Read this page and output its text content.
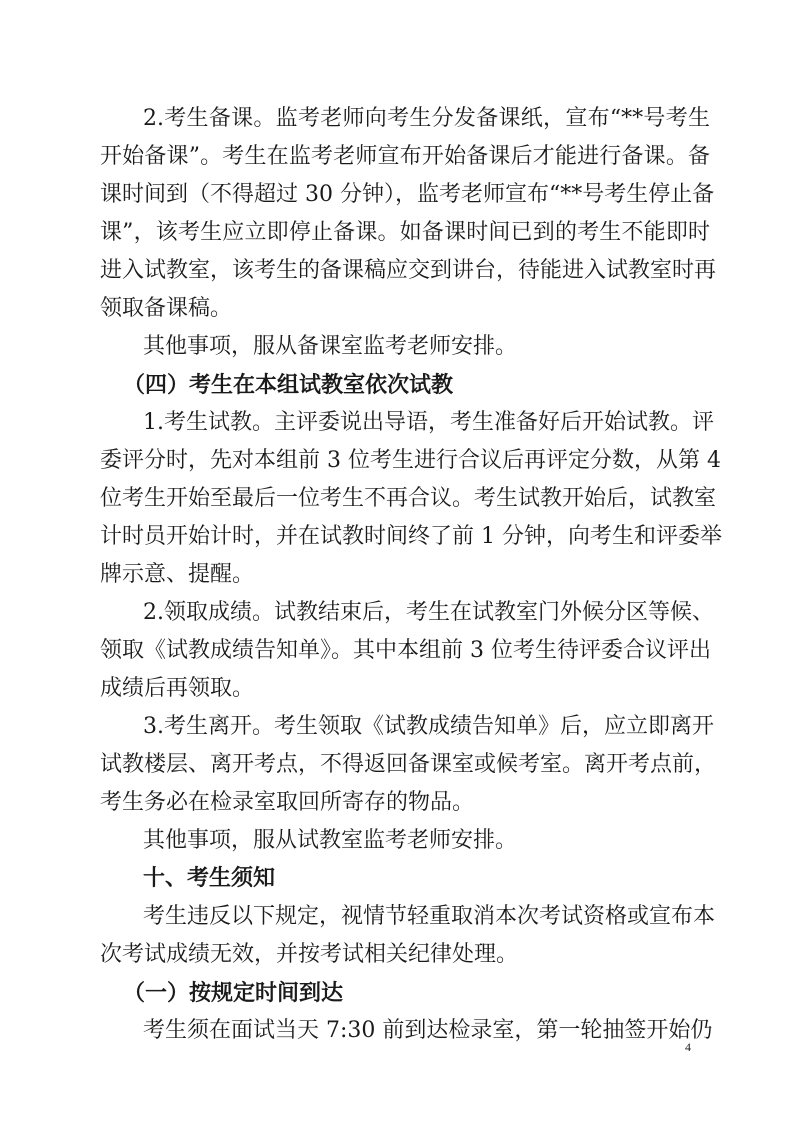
2.考生备课。监考老师向考生分发备课纸，宣布“**号考生
开始备课”。考生在监考老师宣布开始备课后才能进行备课。备
课时间到（不得超过 30 分钟），监考老师宣布“**号考生停止备
课”，该考生应立即停止备课。如备课时间已到的考生不能即时
进入试教室，该考生的备课稿应交到讲台，待能进入试教室时再
领取备课稿。
其他事项，服从备课室监考老师安排。
（四）考生在本组试教室依次试教
1.考生试教。主评委说出导语，考生准备好后开始试教。评
委评分时，先对本组前 3 位考生进行合议后再评定分数，从第 4
位考生开始至最后一位考生不再合议。考生试教开始后，试教室
计时员开始计时，并在试教时间终了前 1 分钟，向考生和评委举
牌示意、提醒。
2.领取成绩。试教结束后，考生在试教室门外候分区等候、
领取《试教成绩告知单》。其中本组前 3 位考生待评委合议评出
成绩后再领取。
3.考生离开。考生领取《试教成绩告知单》后，应立即离开
试教楼层、离开考点，不得返回备课室或候考室。离开考点前，
考生务必在检录室取回所寄存的物品。
其他事项，服从试教室监考老师安排。
十、考生须知
考生违反以下规定，视情节轻重取消本次考试资格或宣布本
次考试成绩无效，并按考试相关纪律处理。
（一）按规定时间到达
考生须在面试当天 7:30 前到达检录室，第一轮抽签开始仍
4
